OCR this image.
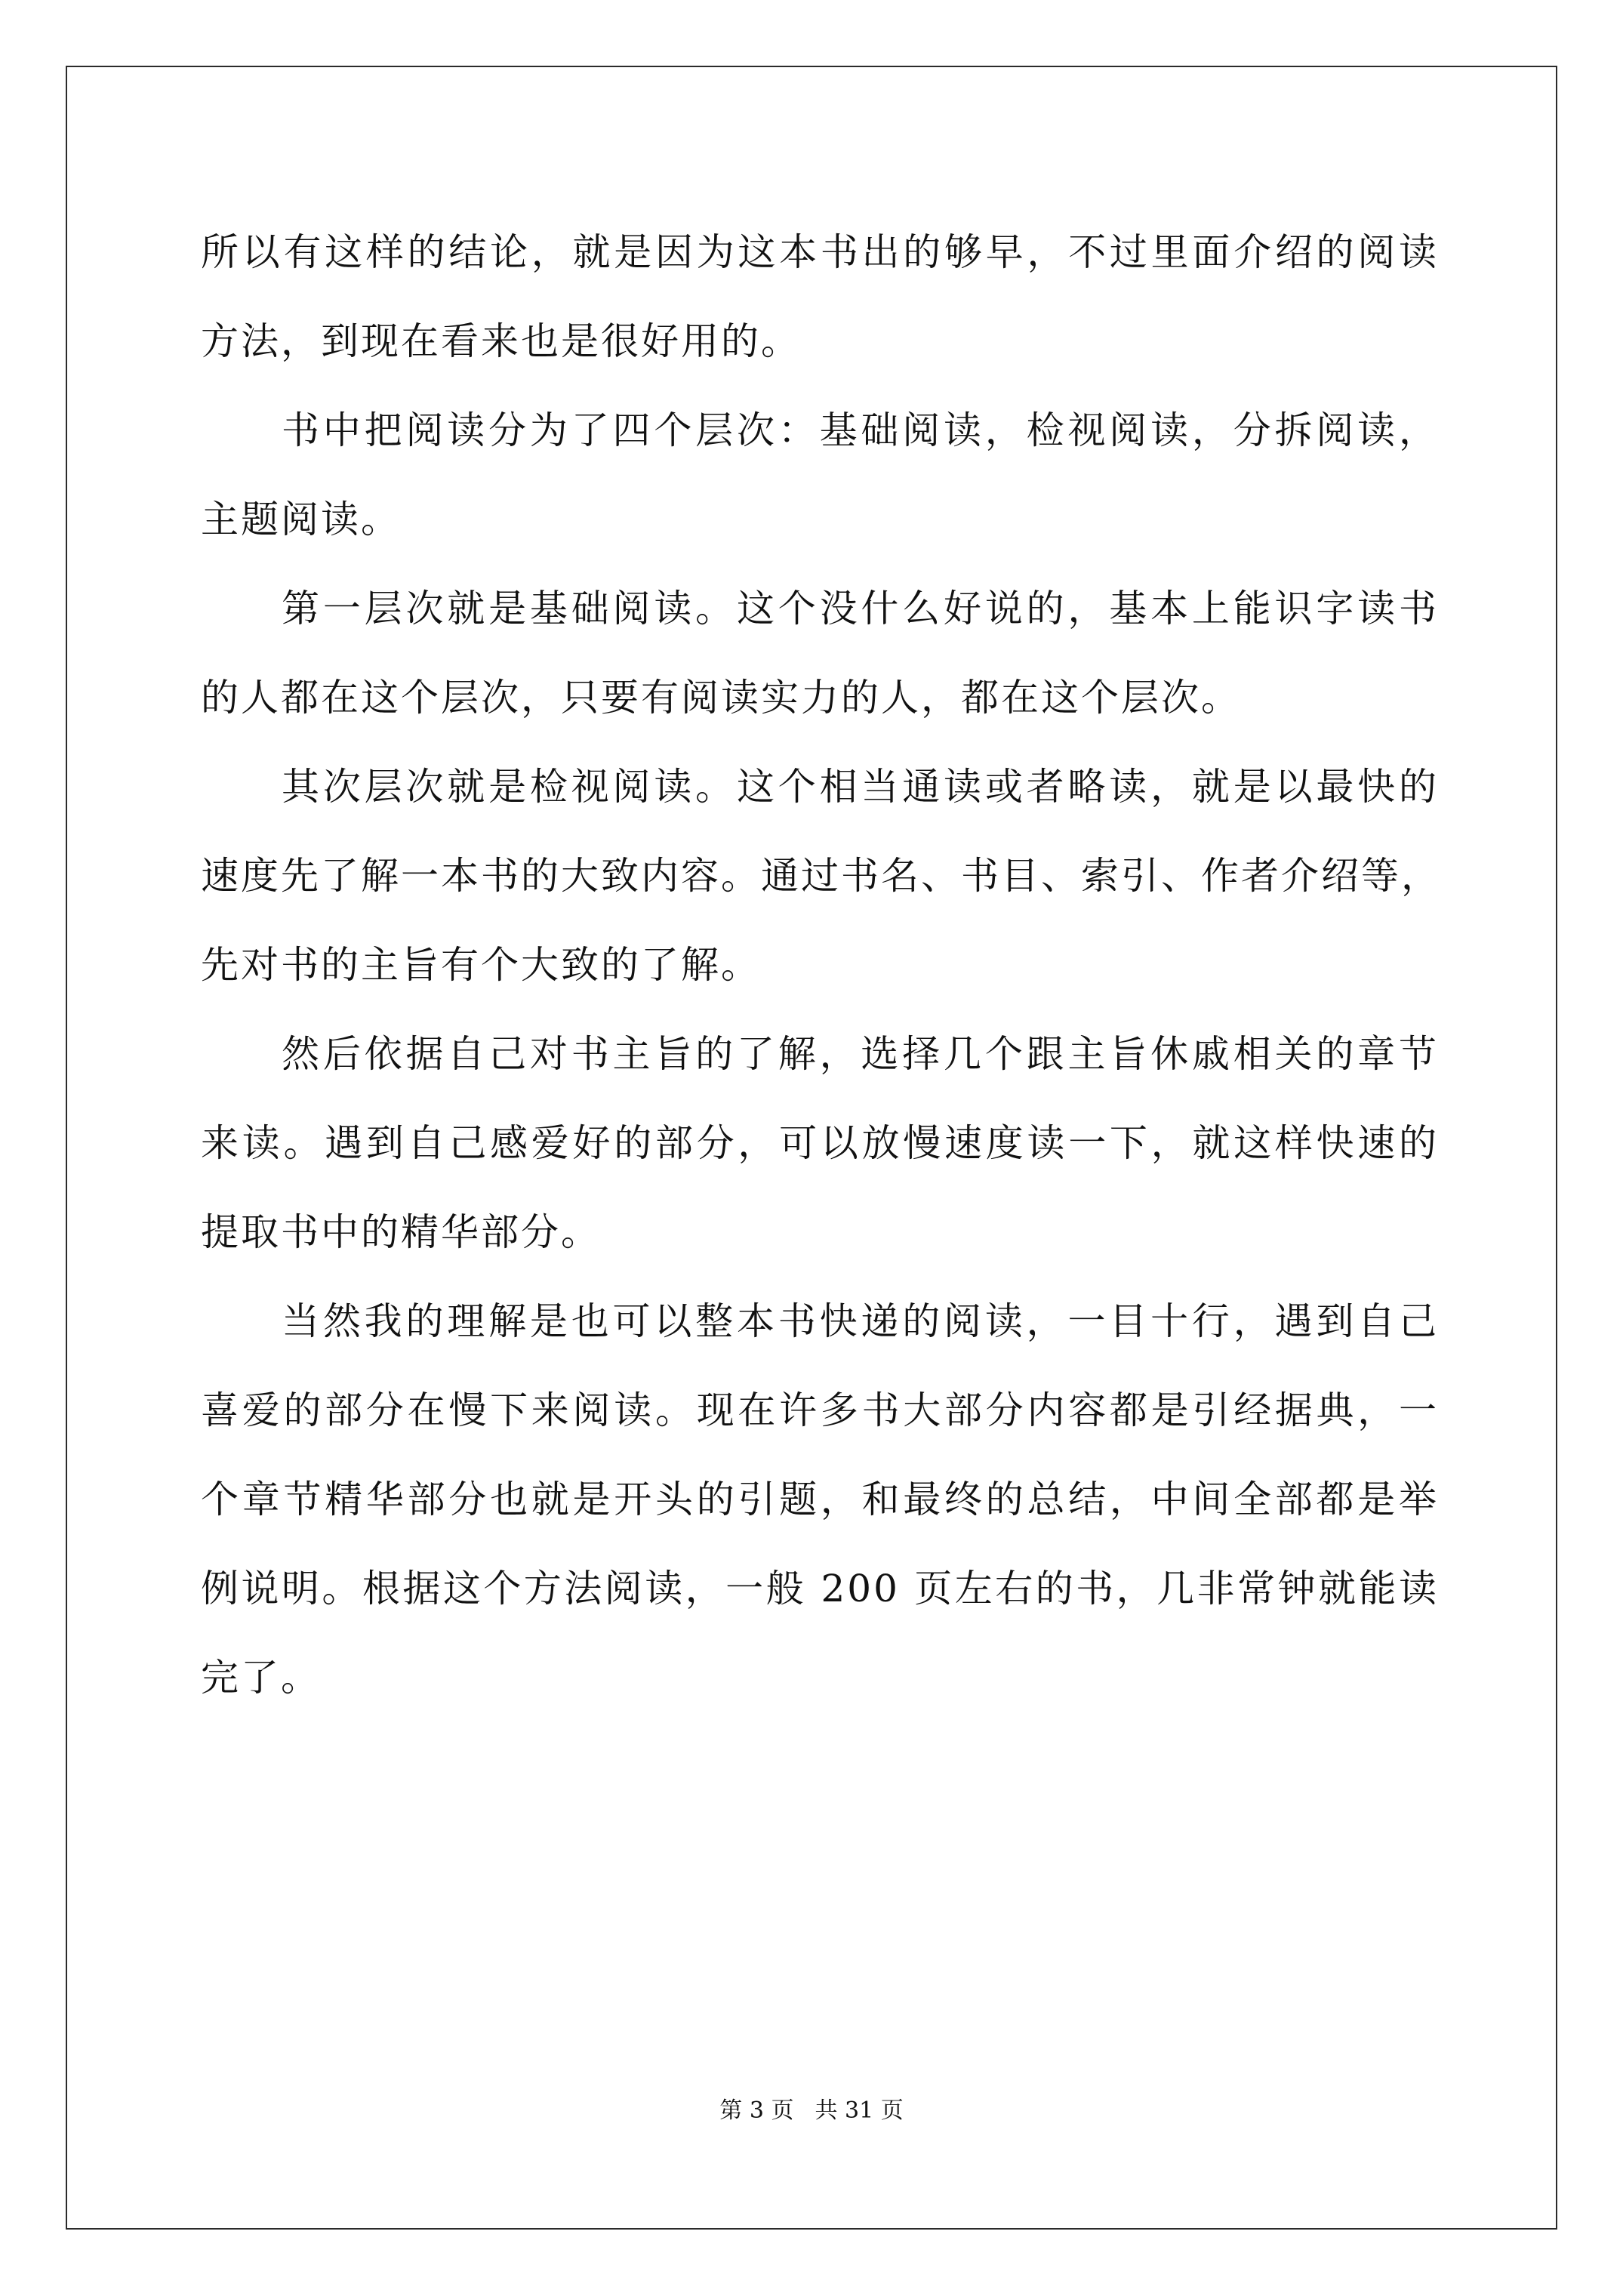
所以有这样的结论，就是因为这本书出的够早，不过里面介绍的阅读
方法，到现在看来也是很好用的。
书中把阅读分为了四个层次：基础阅读，检视阅读，分拆阅读，
主题阅读。
第一层次就是基础阅读。这个没什么好说的，基本上能识字读书
的人都在这个层次，只要有阅读实力的人，都在这个层次。
其次层次就是检视阅读。这个相当通读或者略读，就是以最快的
速度先了解一本书的大致内容。通过书名、书目、索引、作者介绍等，
先对书的主旨有个大致的了解。
然后依据自己对书主旨的了解，选择几个跟主旨休戚相关的章节
来读。遇到自己感爱好的部分，可以放慢速度读一下，就这样快速的
提取书中的精华部分。
当然我的理解是也可以整本书快递的阅读，一目十行，遇到自己
喜爱的部分在慢下来阅读。现在许多书大部分内容都是引经据典，一
个章节精华部分也就是开头的引题，和最终的总结，中间全部都是举
例说明。根据这个方法阅读，一般 200 页左右的书，几非常钟就能读
完了。
第 3 页 共 31 页
